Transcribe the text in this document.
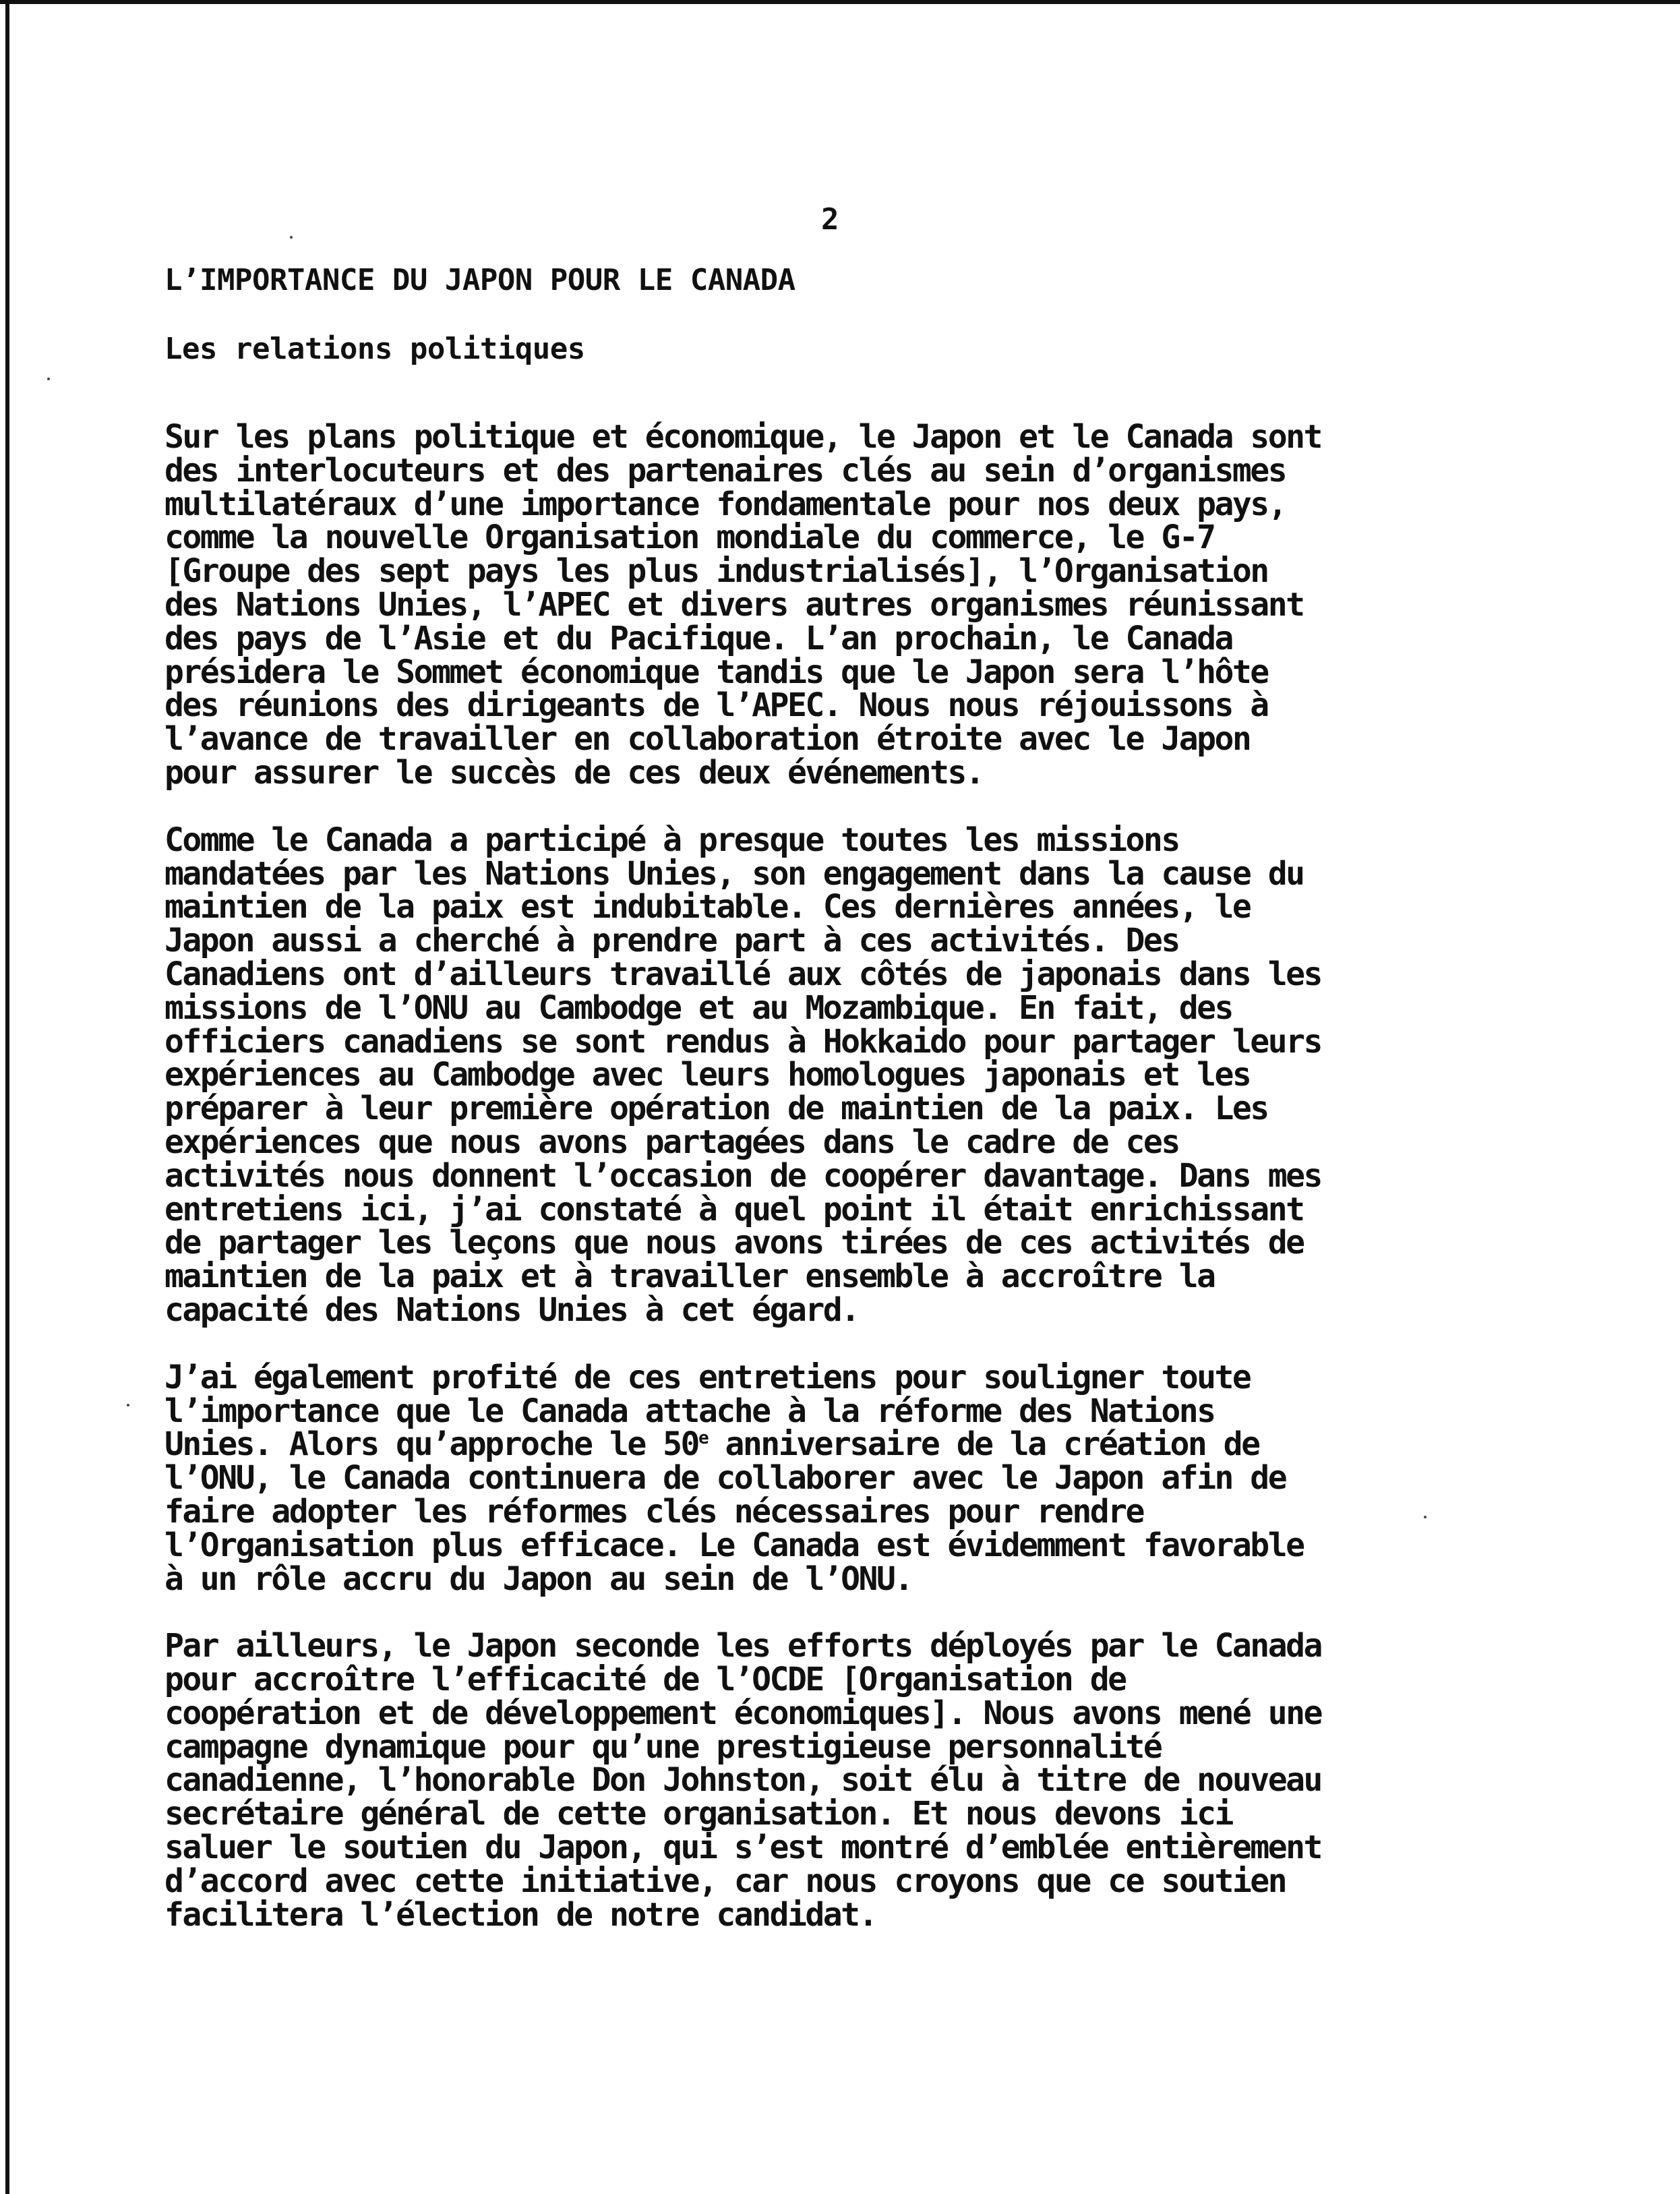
2
L’IMPORTANCE DU JAPON POUR LE CANADA
Les relations politiques
Sur les plans politique et économique, le Japon et le Canada sont
des interlocuteurs et des partenaires clés au sein d’organismes
multilatéraux d’une importance fondamentale pour nos deux pays,
comme la nouvelle Organisation mondiale du commerce, le G-7
[Groupe des sept pays les plus industrialisés], l’Organisation
des Nations Unies, l’APEC et divers autres organismes réunissant
des pays de l’Asie et du Pacifique. L’an prochain, le Canada
présidera le Sommet économique tandis que le Japon sera l’hôte
des réunions des dirigeants de l’APEC. Nous nous réjouissons à
l’avance de travailler en collaboration étroite avec le Japon
pour assurer le succès de ces deux événements.
Comme le Canada a participé à presque toutes les missions
mandatées par les Nations Unies, son engagement dans la cause du
maintien de la paix est indubitable. Ces dernières années, le
Japon aussi a cherché à prendre part à ces activités. Des
Canadiens ont d’ailleurs travaillé aux côtés de japonais dans les
missions de l’ONU au Cambodge et au Mozambique. En fait, des
officiers canadiens se sont rendus à Hokkaido pour partager leurs
expériences au Cambodge avec leurs homologues japonais et les
préparer à leur première opération de maintien de la paix. Les
expériences que nous avons partagées dans le cadre de ces
activités nous donnent l’occasion de coopérer davantage. Dans mes
entretiens ici, j’ai constaté à quel point il était enrichissant
de partager les leçons que nous avons tirées de ces activités de
maintien de la paix et à travailler ensemble à accroître la
capacité des Nations Unies à cet égard.
J’ai également profité de ces entretiens pour souligner toute
l’importance que le Canada attache à la réforme des Nations
Unies. Alors qu’approche le 50e anniversaire de la création de
l’ONU, le Canada continuera de collaborer avec le Japon afin de
faire adopter les réformes clés nécessaires pour rendre
l’Organisation plus efficace. Le Canada est évidemment favorable
à un rôle accru du Japon au sein de l’ONU.
Par ailleurs, le Japon seconde les efforts déployés par le Canada
pour accroître l’efficacité de l’OCDE [Organisation de
coopération et de développement économiques]. Nous avons mené une
campagne dynamique pour qu’une prestigieuse personnalité
canadienne, l’honorable Don Johnston, soit élu à titre de nouveau
secrétaire général de cette organisation. Et nous devons ici
saluer le soutien du Japon, qui s’est montré d’emblée entièrement
d’accord avec cette initiative, car nous croyons que ce soutien
facilitera l’élection de notre candidat.
